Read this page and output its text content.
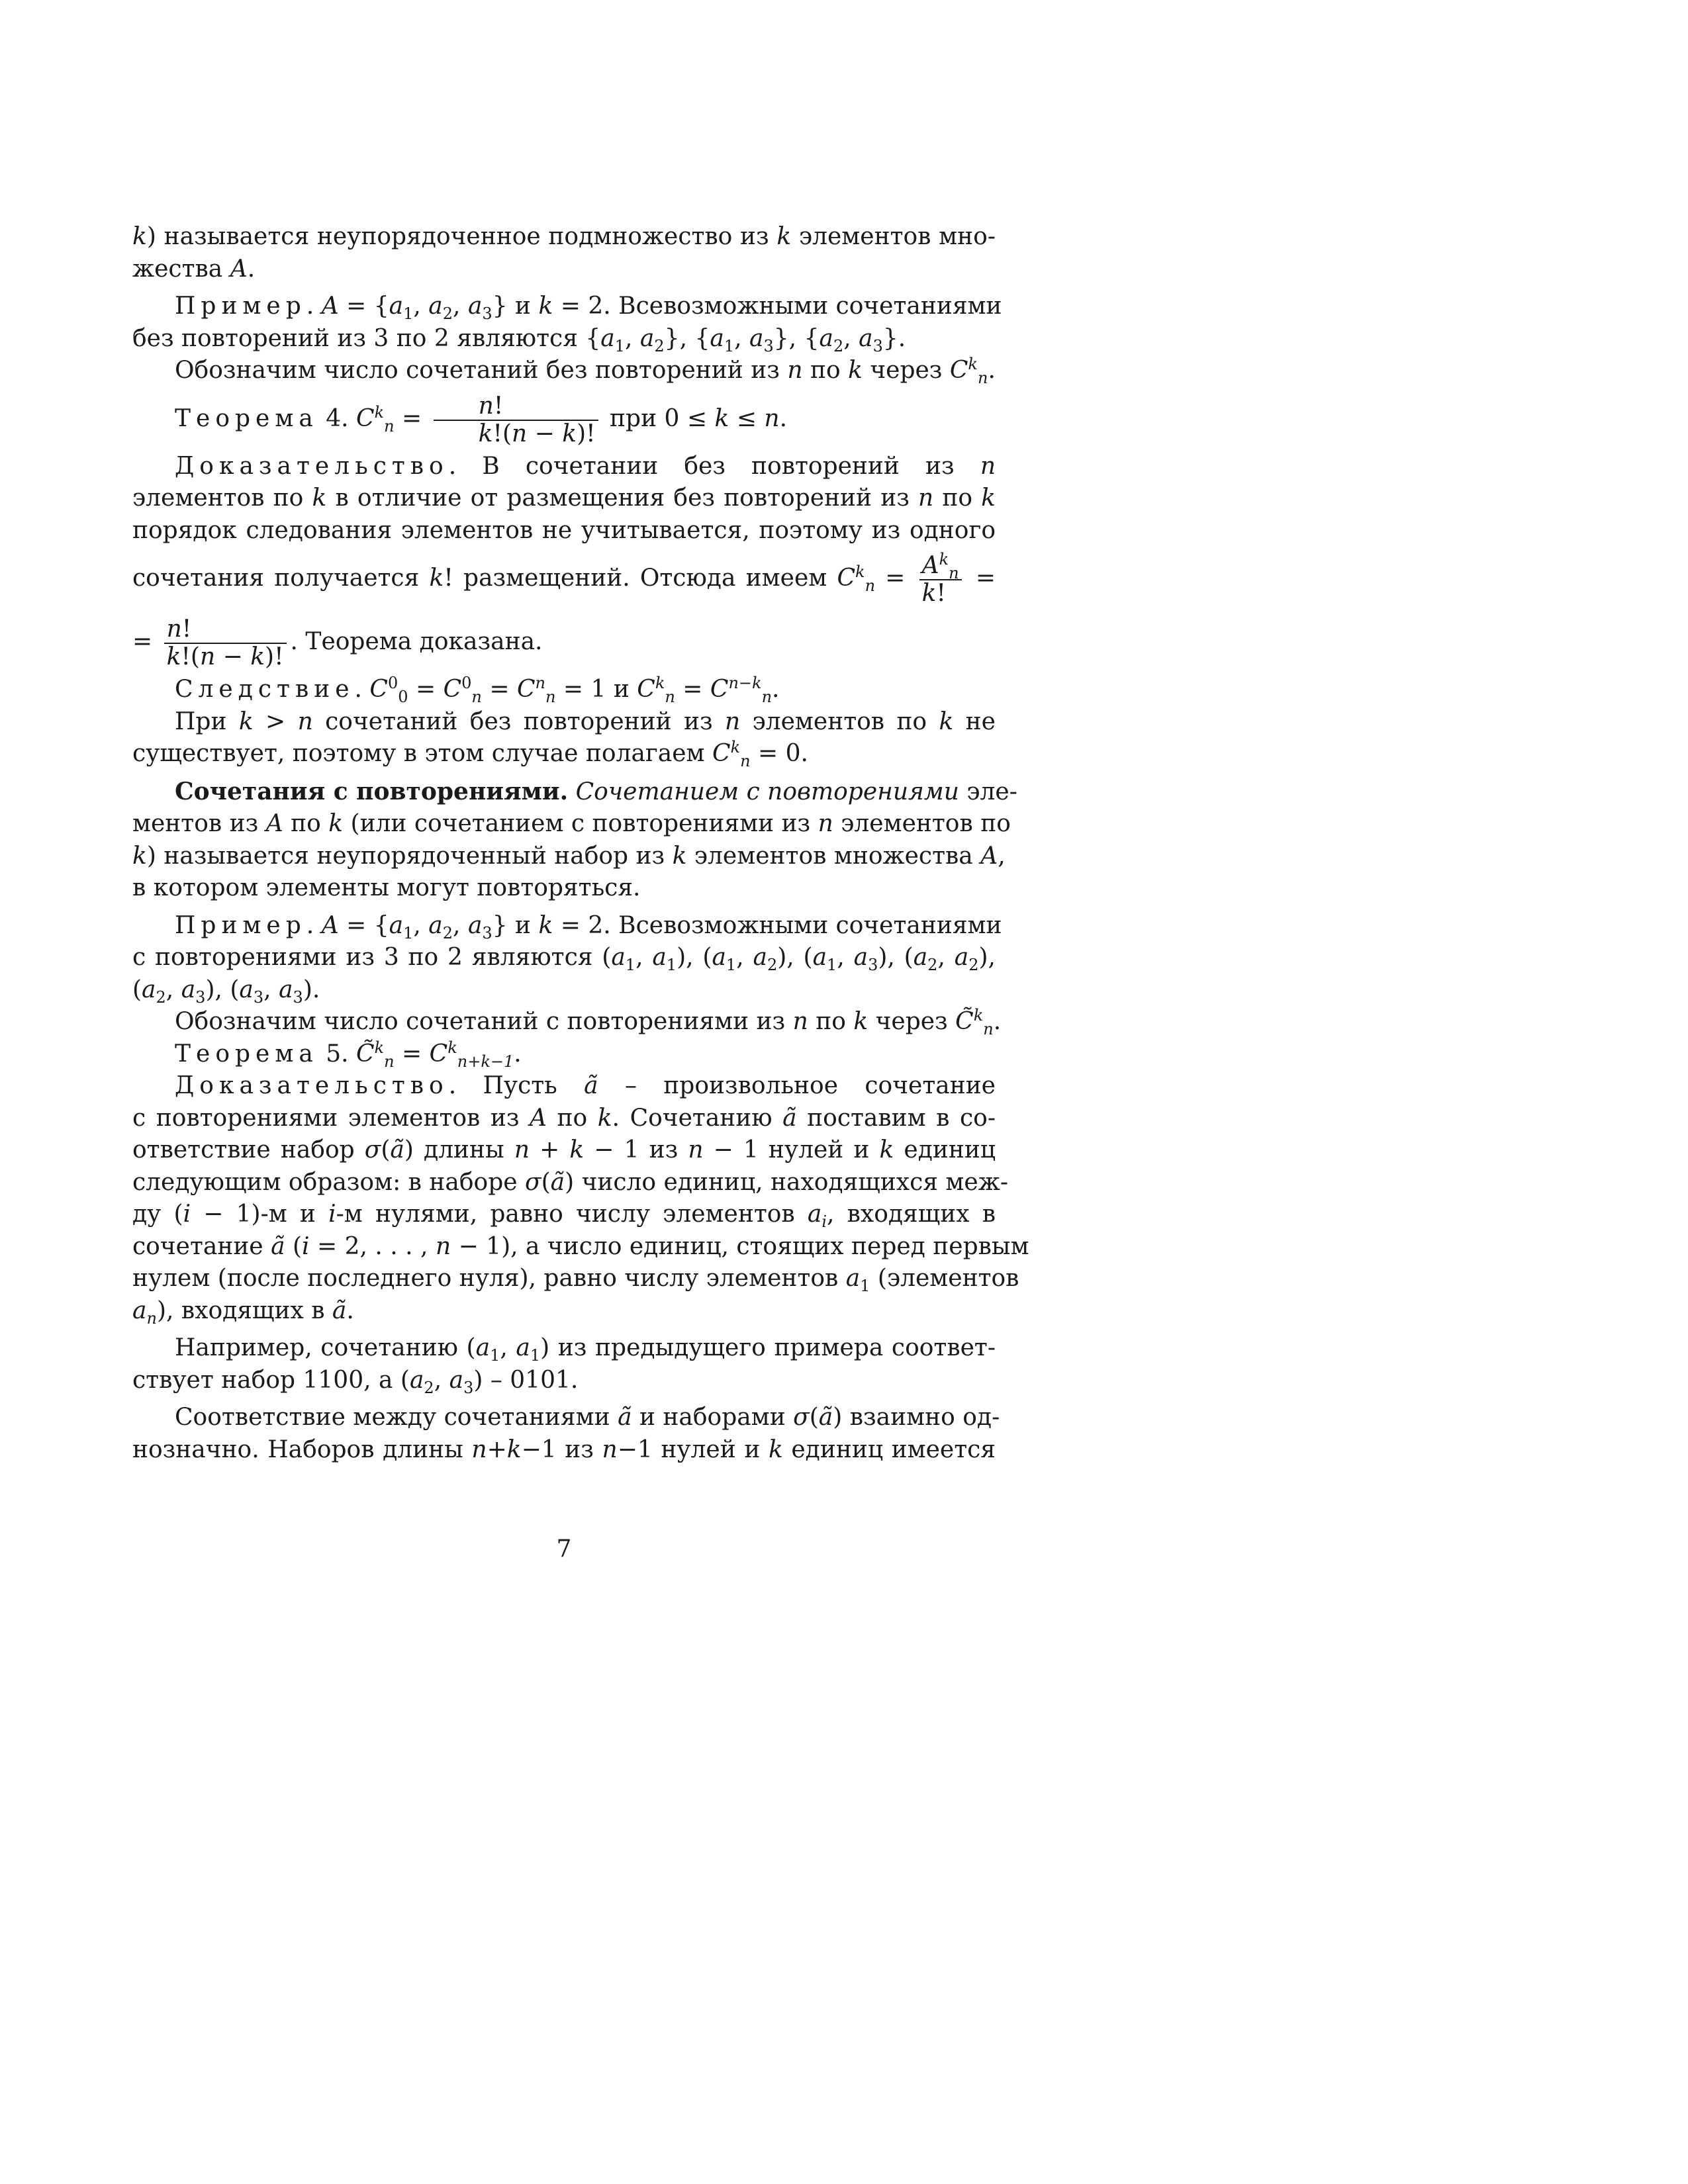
k) называется неупорядоченное подмножество из k элементов мно-
жества A.
Пример. $A = \{a_1$, $a_2$, $a_3$} и k = 2. Всевозможными сочетаниями
без повторений из 3 по 2 являются {$a_1$, $a_2$}, {$a_1$, $a_3$}, {$a_2$, $a_3$}.
Обозначим число сочетаний без повторений из n по k через $C^k_n$.
Теорема 4. $C^k_n = \frac{n!}{k!(n - k)!}$ при 0 ≤ k ≤ n.
Доказательство. В сочетании без повторений из n
элементов по k в отличие от размещения без повторений из n по k
порядок следования элементов не учитывается, поэтому из одного
сочетания получается k! размещений. Отсюда имеем $C^k_n = \frac{A^k_n}{k!}$ =
= $\frac{n!}{k!(n - k)!}$ . Теорема доказана.
Следствие. $C^0_0 = C^0_n = C^n_n = 1$ и $C^k_n = C^{n-k}_n$.
При k > n сочетаний без повторений из n элементов по k не
существует, поэтому в этом случае полагаем $C^k_n = 0$.
Сочетания с повторениями. Сочетанием с повторениями эле-
ментов из A по k (или сочетанием с повторениями из n элементов по
k) называется неупорядоченный набор из k элементов множества A,
в котором элементы могут повторяться.
Пример. $A = \{a_1$, $a_2$, $a_3$} и k = 2. Всевозможными сочетаниями
с повторениями из 3 по 2 являются ($a_1$, $a_1$), ($a_1$, $a_2$), ($a_1$, $a_3$), ($a_2$, $a_2$),
($a_2$, $a_3$), ($a_3$, $a_3$).
Обозначим число сочетаний с повторениями из n по k через C̃$^k_n$.
Теорема 5. C̃$^k_n$ = $C^k_{n+k-1}$.
Доказательство. Пусть ã – произвольное сочетание
с повторениями элементов из A по k. Сочетанию ã поставим в со-
ответствие набор σ(ã) длины n + k − 1 из n − 1 нулей и k единиц
следующим образом: в наборе σ(ã) число единиц, находящихся меж-
ду (i − 1)-м и i-м нулями, равно числу элементов $a_i$, входящих в
сочетание ã (i = 2, . . . , n − 1), а число единиц, стоящих перед первым
нулем (после последнего нуля), равно числу элементов $a_1$ (элементов
$a_n$), входящих в ã.
Например, сочетанию ($a_1$, $a_1$) из предыдущего примера соответ-
ствует набор 1100, а ($a_2$, $a_3) - 0101$.
Соответствие между сочетаниями ã и наборами σ(ã) взаимно од-
нозначно. Наборов длины n+k−1 из n−1 нулей и k единиц имеется
7
